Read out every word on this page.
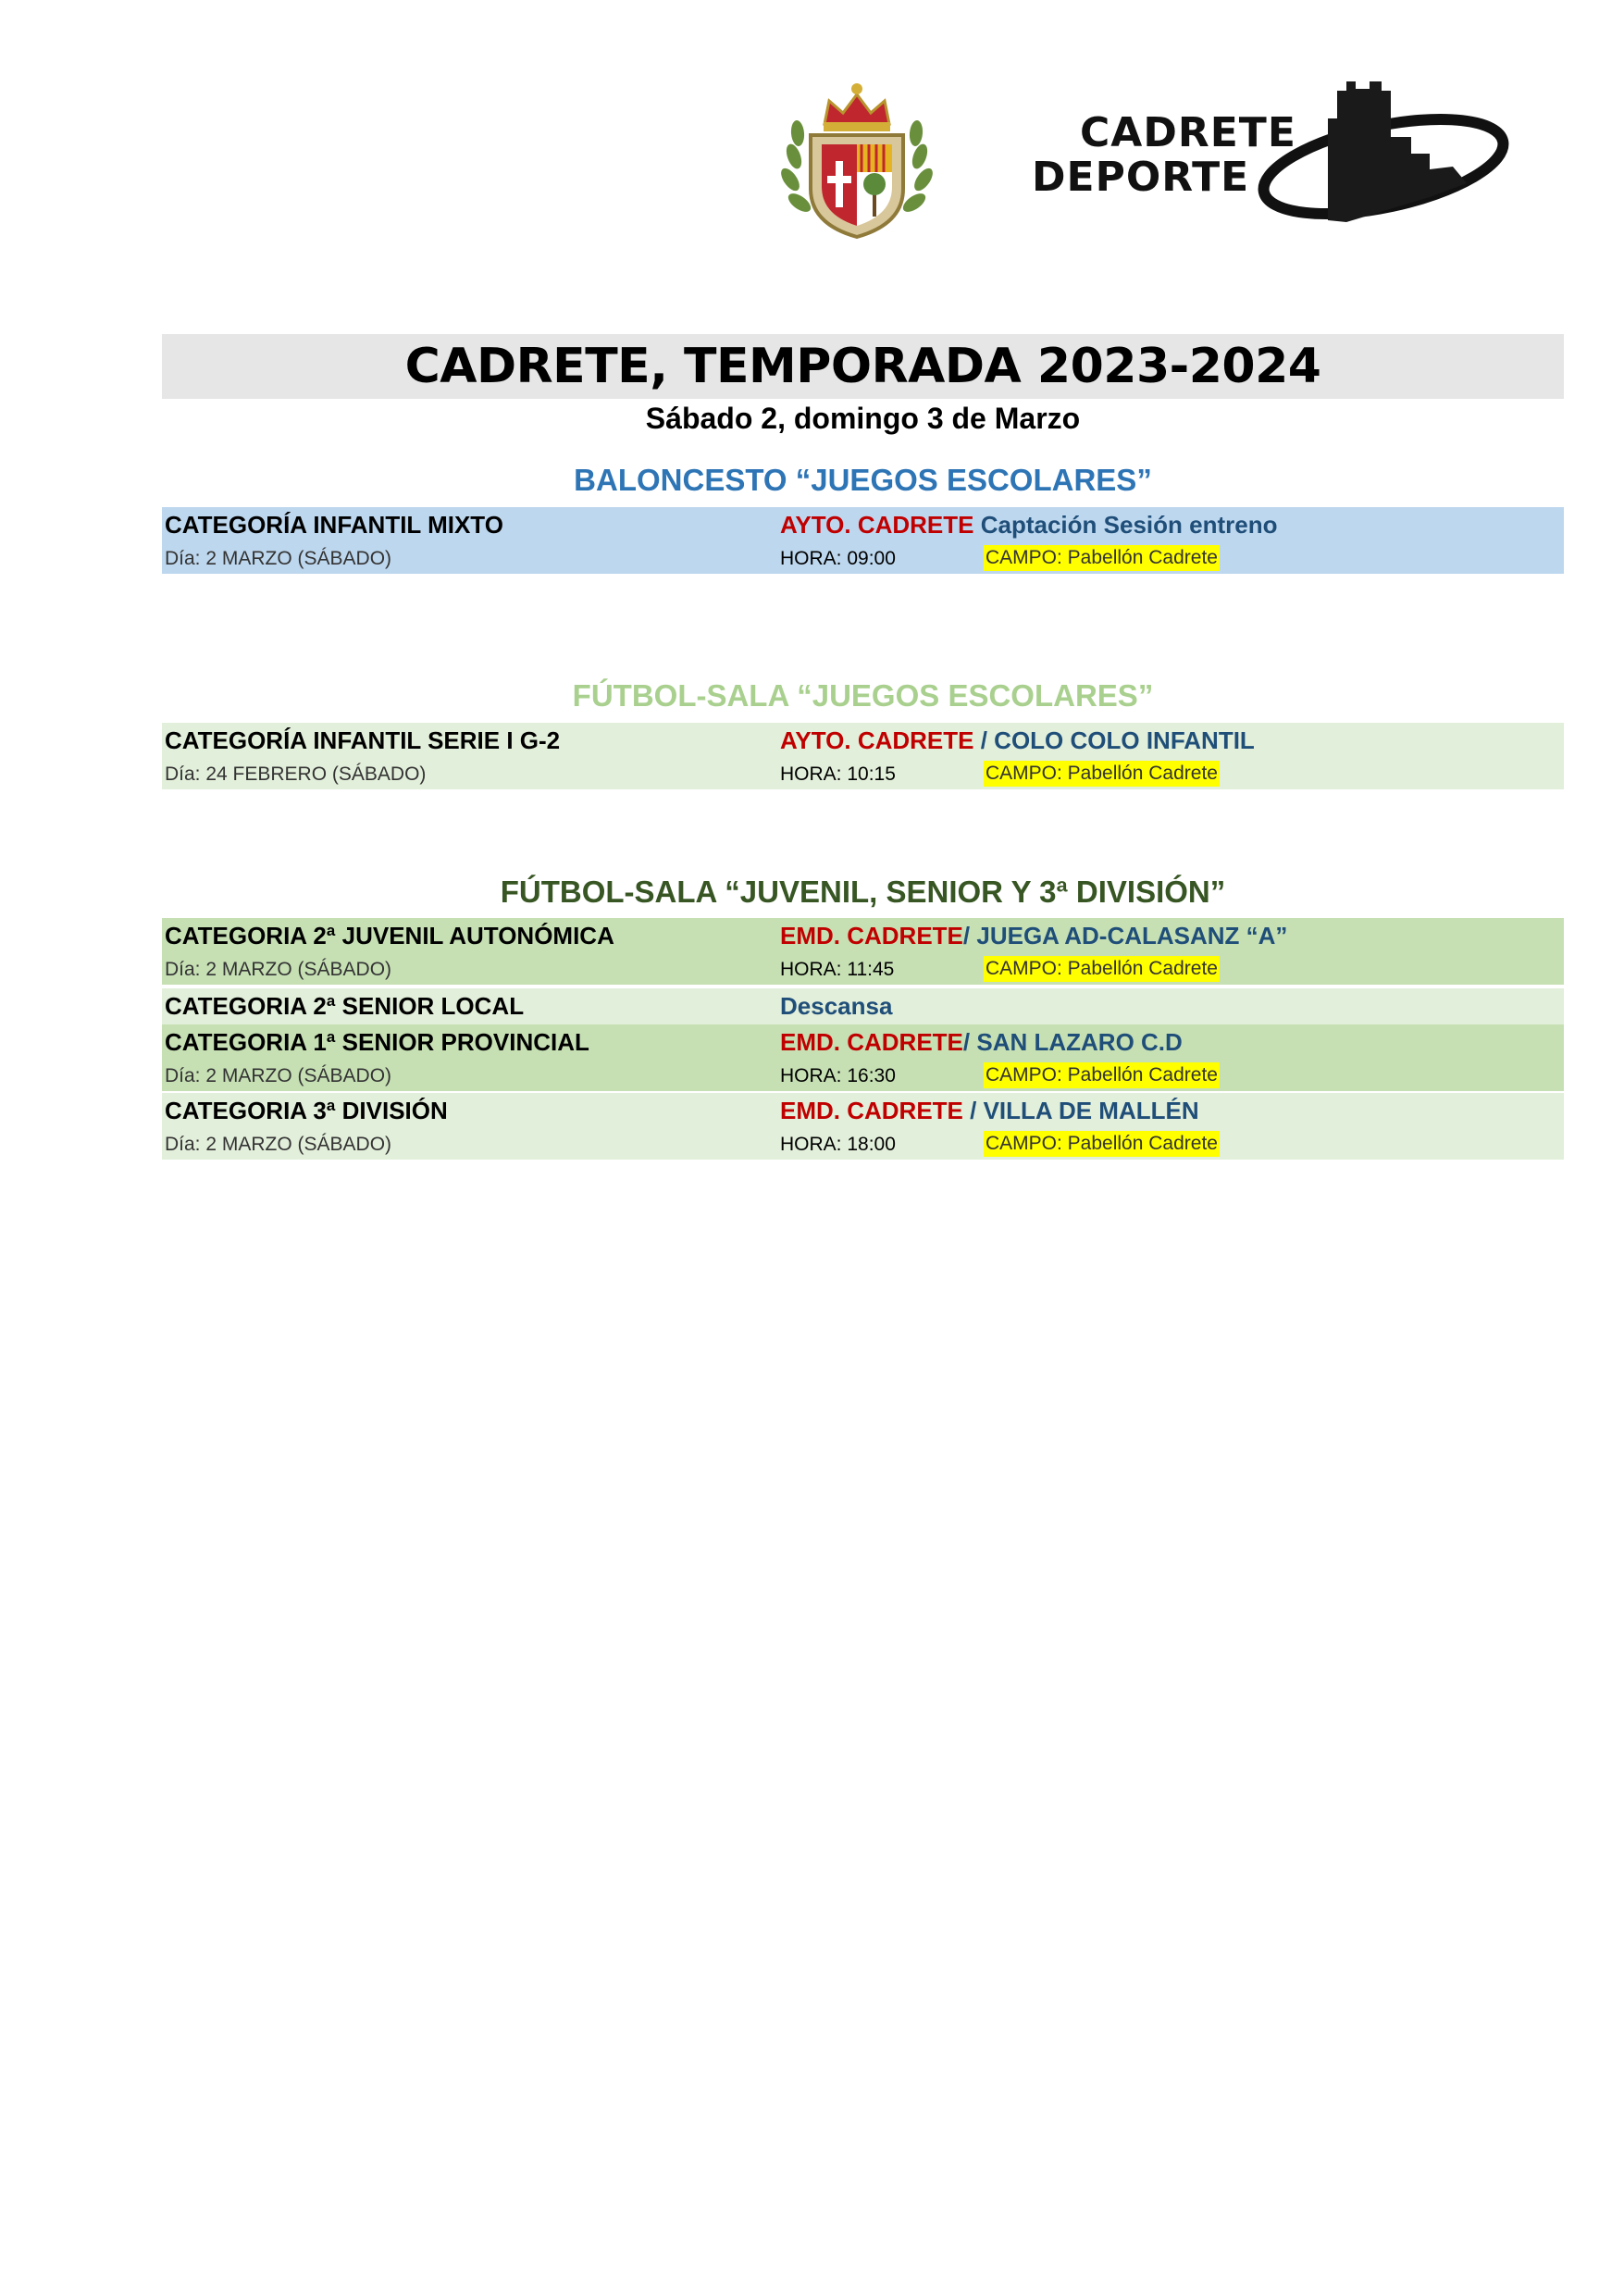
CADRETE
DEPORTE
CADRETE, TEMPORADA 2023-2024
Sábado 2, domingo 3 de Marzo
BALONCESTO “JUEGOS ESCOLARES”
CATEGORÍA INFANTIL MIXTO	AYTO. CADRETE Captación Sesión entreno
Día: 2 MARZO (SÁBADO)	HORA: 09:00	CAMPO: Pabellón Cadrete
FÚTBOL-SALA “JUEGOS ESCOLARES”
CATEGORÍA INFANTIL SERIE I G-2	AYTO. CADRETE / COLO COLO INFANTIL
Día: 24 FEBRERO (SÁBADO)	HORA: 10:15	CAMPO: Pabellón Cadrete
FÚTBOL-SALA “JUVENIL, SENIOR Y 3ª DIVISIÓN”
CATEGORIA 2ª JUVENIL AUTONÓMICA	EMD. CADRETE/ JUEGA AD-CALASANZ “A”
Día: 2 MARZO (SÁBADO)	HORA: 11:45	CAMPO: Pabellón Cadrete
CATEGORIA 2ª SENIOR LOCAL	Descansa
CATEGORIA 1ª SENIOR PROVINCIAL	EMD. CADRETE/ SAN LAZARO C.D
Día: 2 MARZO (SÁBADO)	HORA: 16:30	CAMPO: Pabellón Cadrete
CATEGORIA 3ª DIVISIÓN	EMD. CADRETE / VILLA DE MALLÉN
Día: 2 MARZO (SÁBADO)	HORA: 18:00	CAMPO: Pabellón Cadrete
